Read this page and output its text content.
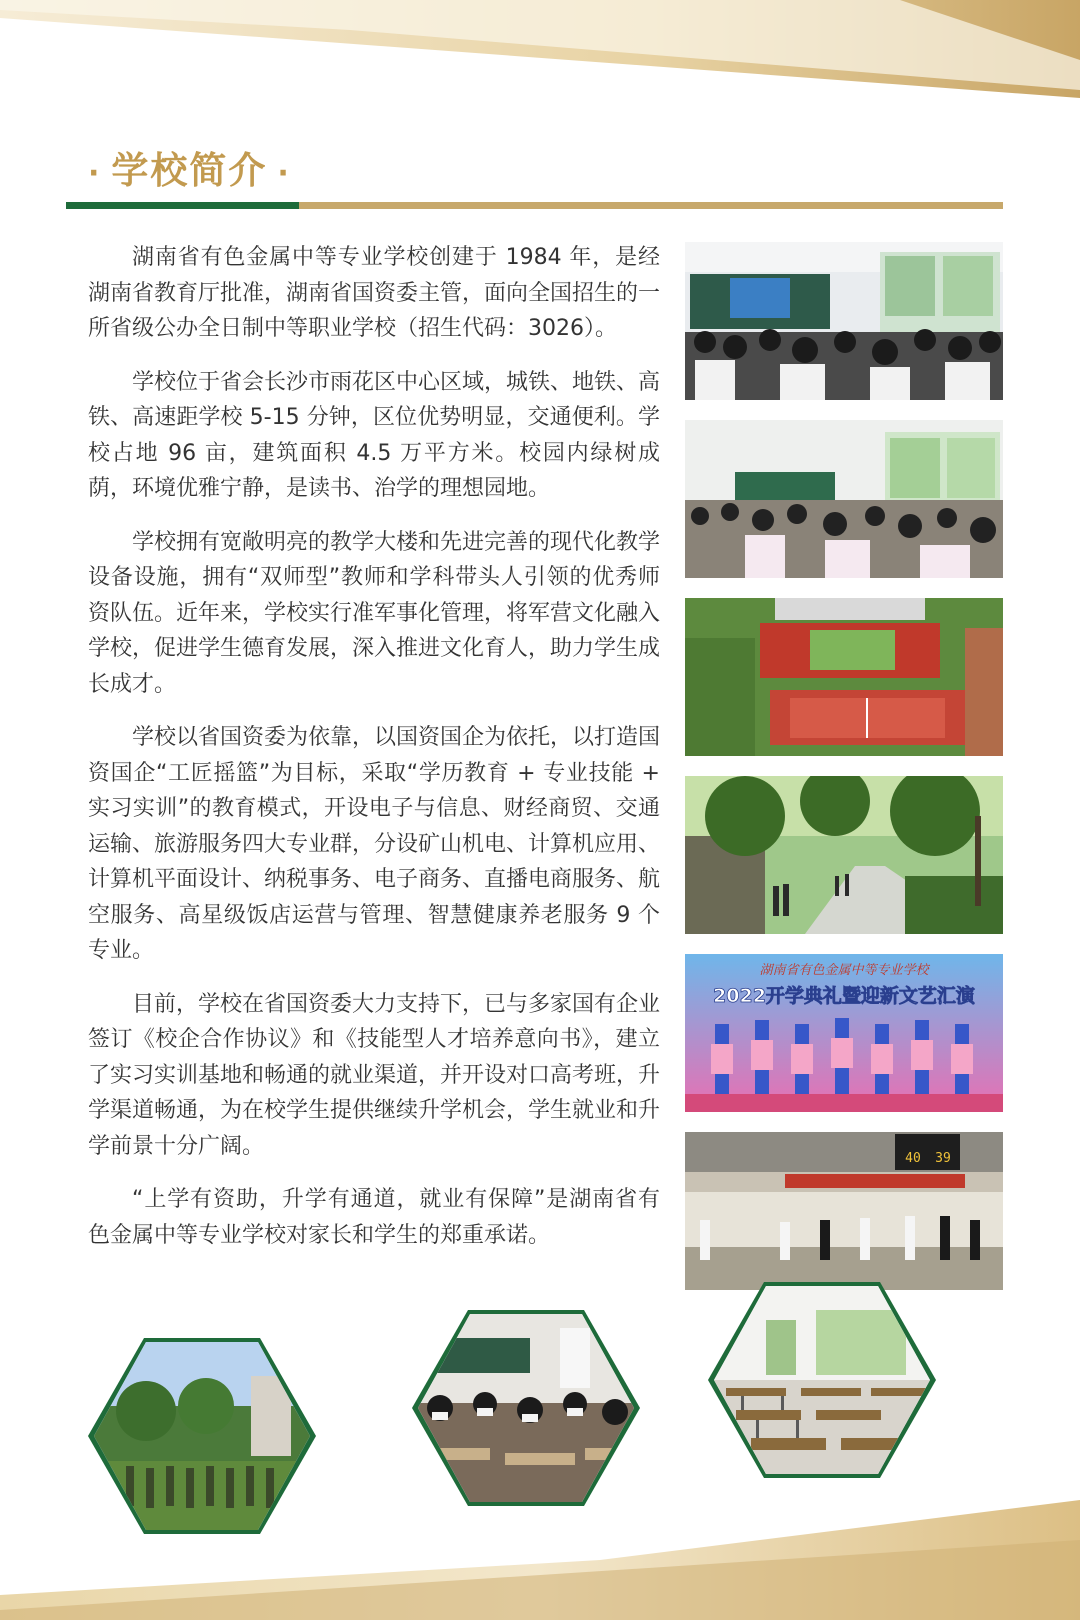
· 学校简介 ·

湖南省有色金属中等专业学校创建于 1984 年，是经湖南省教育厅批准，湖南省国资委主管，面向全国招生的一所省级公办全日制中等职业学校（招生代码：3026）。

学校位于省会长沙市雨花区中心区域，城铁、地铁、高铁、高速距学校 5-15 分钟，区位优势明显，交通便利。学校占地 96 亩，建筑面积 4.5 万平方米。校园内绿树成荫，环境优雅宁静，是读书、治学的理想园地。

学校拥有宽敞明亮的教学大楼和先进完善的现代化教学设备设施，拥有“双师型”教师和学科带头人引领的优秀师资队伍。近年来，学校实行准军事化管理，将军营文化融入学校，促进学生德育发展，深入推进文化育人，助力学生成长成才。

学校以省国资委为依靠，以国资国企为依托，以打造国资国企“工匠摇篮”为目标，采取“学历教育 + 专业技能 + 实习实训”的教育模式，开设电子与信息、财经商贸、交通运输、旅游服务四大专业群，分设矿山机电、计算机应用、计算机平面设计、纳税事务、电子商务、直播电商服务、航空服务、高星级饭店运营与管理、智慧健康养老服务 9 个专业。

目前，学校在省国资委大力支持下，已与多家国有企业签订《校企合作协议》和《技能型人才培养意向书》，建立了实习实训基地和畅通的就业渠道，并开设对口高考班，升学渠道畅通，为在校学生提供继续升学机会，学生就业和升学前景十分广阔。

“上学有资助，升学有通道，就业有保障”是湖南省有色金属中等专业学校对家长和学生的郑重承诺。

湖南省有色金属中等专业学校
2022开学典礼暨迎新文艺汇演
40 39
